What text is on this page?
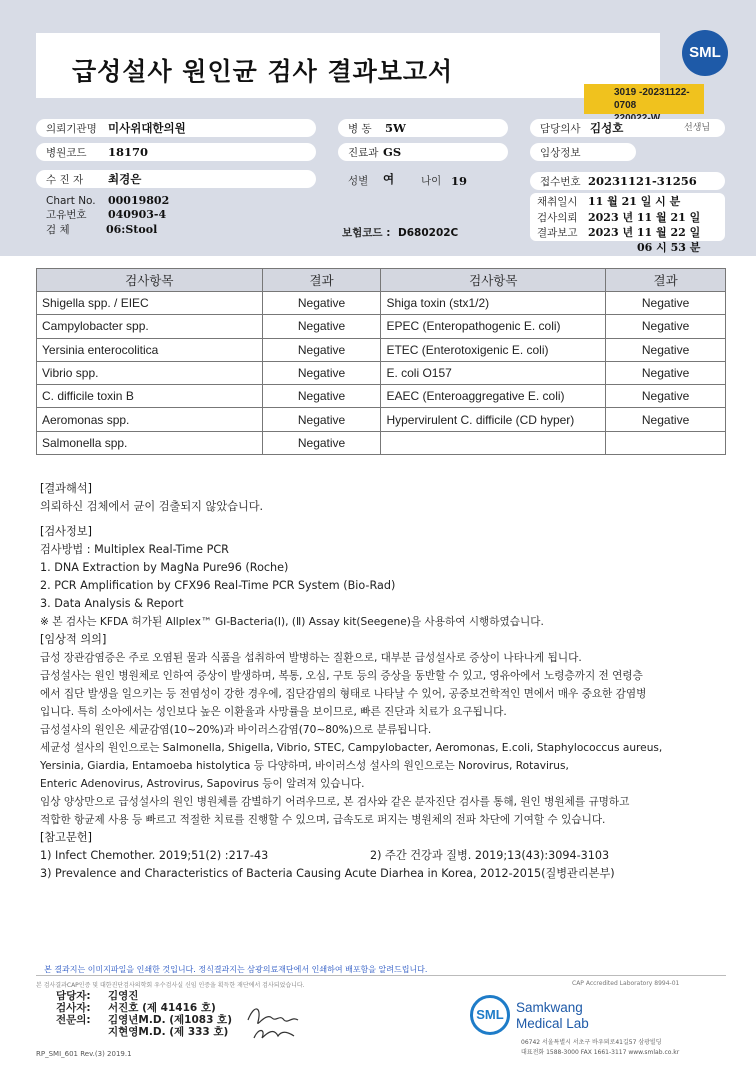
급성설사 원인균 검사 결과보고서
SML
3019 -20231122-0708
의뢰기관명 미사위대한의원	병 동	5W	담당의사 김성호	선생님
병원코드	18170	진료과 GS	임상정보
수 진 자	최경은	성별 여	나이 19	접수번호 20231121-31256
Chart No. 00019802
고유번호 040903-4
검 체	06:Stool	보험코드 : D680202C
채취일시 11 월 21 일 시 분
검사의뢰 2023 년 11 월 21 일
결과보고 2023 년 11 월 22 일
06 시 53 분
검사항목	결과	검사항목	결과
Shigella spp. / EIEC	Negative	Shiga toxin (stx1/2)	Negative
Campylobacter spp.	Negative	EPEC (Enteropathogenic E. coli)	Negative
Yersinia enterocolitica	Negative	ETEC (Enterotoxigenic E. coli)	Negative
Vibrio spp.	Negative	E. coli O157	Negative
C. difficile toxin B	Negative	EAEC (Enteroaggregative E. coli)	Negative
Aeromonas spp.	Negative	Hypervirulent C. difficile (CD hyper)	Negative
Salmonella spp.	Negative		
[결과해석]
의뢰하신 검체에서 균이 검출되지 않았습니다.
[검사정보]
검사방법 : Multiplex Real-Time PCR
1. DNA Extraction by MagNa Pure96 (Roche)
2. PCR Amplification by CFX96 Real-Time PCR System (Bio-Rad)
3. Data Analysis & Report
※ 본 검사는 KFDA 허가된 Allplex™ GI-Bacteria(Ⅰ), (Ⅱ) Assay kit(Seegene)을 사용하여 시행하였습니다.
[임상적 의의]
급성 장관감염증은 주로 오염된 물과 식품을 섭취하여 발병하는 질환으로, 대부분 급성설사로 증상이 나타나게 됩니다.
급성설사는 원인 병원체로 인하여 증상이 발생하며, 복통, 오심, 구토 등의 증상을 동반할 수 있고, 영유아에서 노령층까지 전 연령층
에서 집단 발생을 일으키는 등 전염성이 강한 경우에, 집단감염의 형태로 나타날 수 있어, 공중보건학적인 면에서 매우 중요한 감염병
입니다. 특히 소아에서는 성인보다 높은 이환율과 사망률을 보이므로, 빠른 진단과 치료가 요구됩니다.
급성설사의 원인은 세균감염(10~20%)과 바이러스감염(70~80%)으로 분류됩니다.
세균성 설사의 원인으로는 Salmonella, Shigella, Vibrio, STEC, Campylobacter, Aeromonas, E.coli, Staphylococcus aureus,
Yersinia, Giardia, Entamoeba histolytica 등 다양하며, 바이러스성 설사의 원인으로는 Norovirus, Rotavirus,
Enteric Adenovirus, Astrovirus, Sapovirus 등이 알려져 있습니다.
임상 양상만으로 급성설사의 원인 병원체를 감별하기 어려우므로, 본 검사와 같은 분자진단 검사를 통해, 원인 병원체를 규명하고
적합한 항균제 사용 등 빠르고 적절한 치료를 진행할 수 있으며, 급속도로 퍼지는 병원체의 전파 차단에 기여할 수 있습니다.
[참고문헌]
1) Infect Chemother. 2019;51(2) :217-43	2) 주간 건강과 질병. 2019;13(43):3094-3103
3) Prevalence and Characteristics of Bacteria Causing Acute Diarhea in Korea, 2012-2015(질병관리본부)
본 결과지는 이미지파일을 인쇄한 것입니다. 정식결과지는 삼광의료재단에서 인쇄하여 배포함을 알려드립니다.
본 검사결과CAP인증 및 대한진단검사의학회 우수검사실 신임 인증을 획득한 재단에서 검사되었습니다.	CAP Accredited Laboratory 8994-01
담당자: 김영진
검사자: 서진호 (제 41416 호)
전문의: 김영년M.D. (제1083 호)
지현영M.D. (제 333 호)
RP_SMI_601 Rev.(3) 2019.1
SML Samkwang
Medical Lab
06742 서울특별시 서초구 바우뫼로41길57 삼광빌딩
대표전화 1588-3000 FAX 1661-3117 www.smlab.co.kr
